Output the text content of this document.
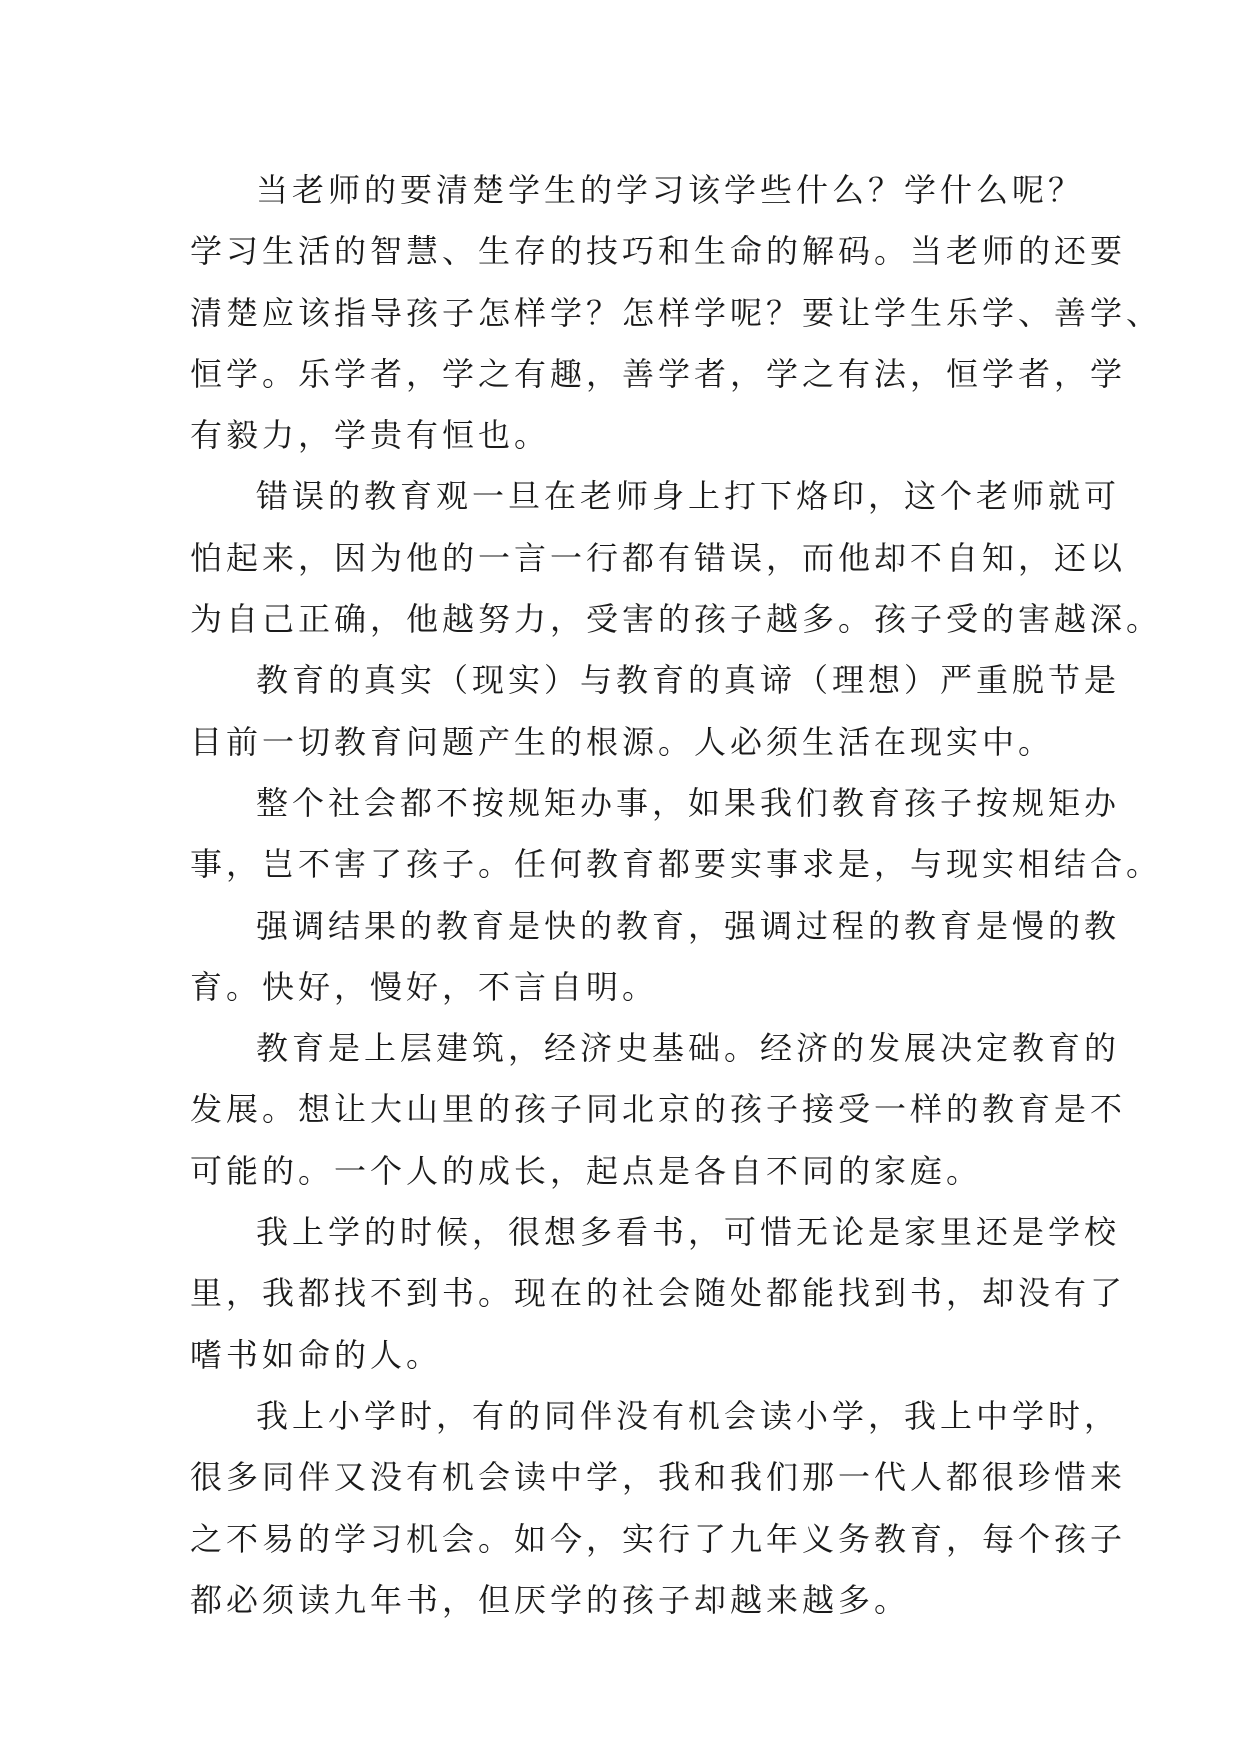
当老师的要清楚学生的学习该学些什么？学什么呢？
学习生活的智慧、生存的技巧和生命的解码。当老师的还要
清楚应该指导孩子怎样学？怎样学呢？要让学生乐学、善学、
恒学。乐学者，学之有趣，善学者，学之有法，恒学者，学
有毅力，学贵有恒也。

错误的教育观一旦在老师身上打下烙印，这个老师就可
怕起来，因为他的一言一行都有错误，而他却不自知，还以
为自己正确，他越努力，受害的孩子越多。孩子受的害越深。

教育的真实（现实）与教育的真谛（理想）严重脱节是
目前一切教育问题产生的根源。人必须生活在现实中。

整个社会都不按规矩办事，如果我们教育孩子按规矩办
事，岂不害了孩子。任何教育都要实事求是，与现实相结合。

强调结果的教育是快的教育，强调过程的教育是慢的教
育。快好，慢好，不言自明。

教育是上层建筑，经济史基础。经济的发展决定教育的
发展。想让大山里的孩子同北京的孩子接受一样的教育是不
可能的。一个人的成长，起点是各自不同的家庭。

我上学的时候，很想多看书，可惜无论是家里还是学校
里，我都找不到书。现在的社会随处都能找到书，却没有了
嗜书如命的人。

我上小学时，有的同伴没有机会读小学，我上中学时，
很多同伴又没有机会读中学，我和我们那一代人都很珍惜来
之不易的学习机会。如今，实行了九年义务教育，每个孩子
都必须读九年书，但厌学的孩子却越来越多。
